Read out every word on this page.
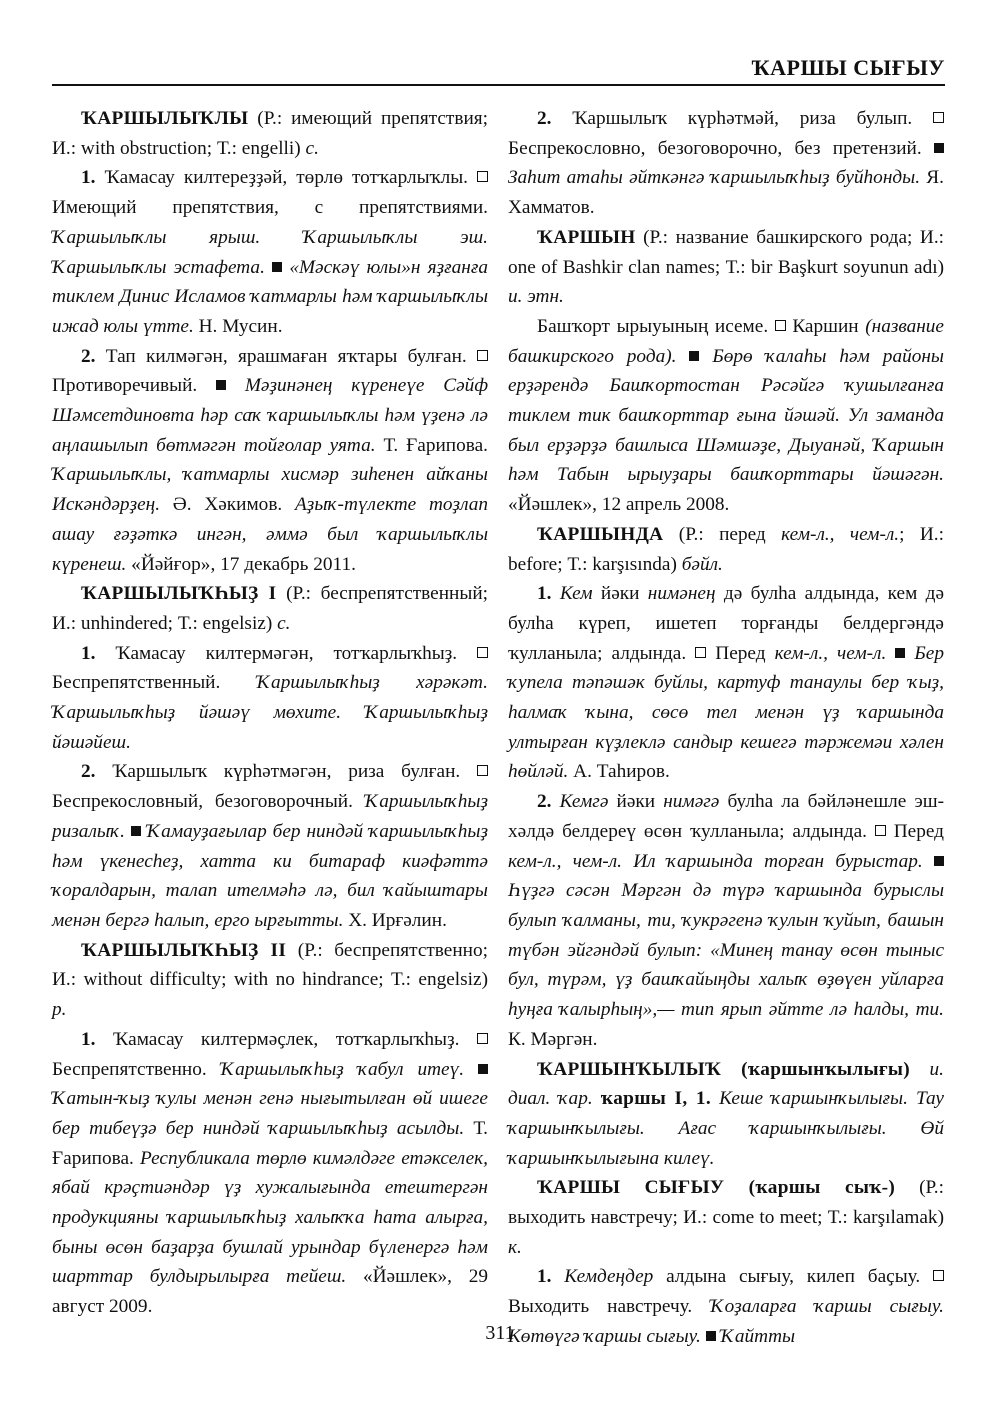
ҠАРШЫ СЫҒЫУ

ҠАРШЫЛЫҠЛЫ (Р.: имеющий препятствия; И.: with obstruction; Т.: engelli) с.

1. Ҡамасау килтереҙҙәй, төрлө тотҡарлыҡлы.  Имеющий препятствия, с препятствиями. Ҡаршылыҡлы ярыш. Ҡаршылыҡлы эш. Ҡаршылыҡлы эстафета.  «Мәскәү юлы»н яҙғанға тиклем Динис Исламов ҡатмарлы һәм ҡаршылыҡлы ижад юлы үтте. Н. Мусин.

2. Тап килмәгән, ярашмаған яҡтары булған.  Противоречивый.  Мәҙинәнең күренеүе Сәйф Шәмсетдиновта һәр саҡ ҡаршылыҡлы һәм үҙенә лә аңлашылып бөтмәгән тойғолар уята. Т. Ғарипова. Ҡаршылыҡлы, ҡатмарлы хисмәр зиһенен айҡаны Искәндәрҙең. Ә. Хәкимов. Аҙыҡ-түлекте тоҙлап ашау ғәҙәткә ингән, әммә был ҡаршылыҡлы күренеш. «Йәйғор», 17 декабрь 2011.

ҠАРШЫЛЫҠҺЫҘ I (Р.: беспрепятственный; И.: unhindered; Т.: engelsiz) с.

1. Ҡамасау килтермәгән, тотҡарлыҡһыҙ.  Беспрепятственный. Ҡаршылыҡһыҙ хәрәкәт. Ҡаршылыҡһыҙ йәшәү мөхите. Ҡаршылыҡһыҙ йәшәйеш.

2. Ҡаршылыҡ күрһәтмәгән, риза булған.  Беспрекословный, безоговорочный. Ҡаршылыҡһыҙ ризалыҡ.  Ҡамауҙағылар бер ниндәй ҡаршылыҡһыҙ һәм үкенесһеҙ, хатта ки битараф киәфәттә ҡоралдарын, талап ителмәһә лә, бил ҡайыштары менән бергә һалып, ерго ырғытты. Х. Ирғәлин.

ҠАРШЫЛЫҠҺЫҘ II (Р.: беспрепятственно; И.: without difficulty; with no hindrance; Т.: engelsiz) р.

1. Ҡамасау килтермәҫлек, тотҡарлыҡһыҙ.  Беспрепятственно. Ҡаршылыҡһыҙ ҡабул итеү.  Ҡатын-ҡыҙ ҡулы менән генә нығытылған өй ишеге бер тибеүҙә бер ниндәй ҡаршылыҡһыҙ асылды. Т. Ғарипова. Республикала төрлө кимәлдәге етәкселек, ябай крәҫтиәндәр үҙ хужалығында етештергән продукцияны ҡаршылыҡһыҙ халыҡҡа һата алырға, быны өсөн баҙарҙа бушлай урындар бүленергә һәм шарттар булдырылырға тейеш. «Йәшлек», 29 август 2009.

2. Ҡаршылыҡ күрһәтмәй, риза булып.  Беспрекословно, безоговорочно, без претензий.  Заһит атаһы әйткәнгә ҡаршылыҡһыҙ буйһонды. Я. Хамматов.

ҠАРШЫН (Р.: название башкирского рода; И.: one of Bashkir clan names; Т.: bir Başkurt soyunun adı) и. этн.

Башҡорт ырыуының исеме.  Каршин (название башкирского рода).  Бөрө ҡалаһы һәм районы ерҙәрендә Башҡортостан Рәсәйгә ҡушылғанға тиклем тик башҡорттар ғына йәшәй. Ул заманда был ерҙәрҙә башлыса Шәмшәҙе, Дыуанәй, Ҡаршын һәм Табын ырыуҙары башҡорттары йәшәгән. «Йәшлек», 12 апрель 2008.

ҠАРШЫНДА (Р.: перед кем-л., чем-л.; И.: before; Т.: karşısında) бәйл.

1. Кем йәки нимәнең дә булһа алдында, кем дә булһа күреп, ишетеп торғанды белдергәндә ҡулланыла; алдында.  Перед кем-л., чем-л.  Бер ҡупела тәпәшәк буйлы, картуф танаулы бер ҡыҙ, һалмаҡ ҡына, сөсө тел менән үҙ ҡаршында ултырған күҙлеклә сандыр кешегә тәржемәи хәлен һөйләй. А. Таһиров.

2. Кемгә йәки нимәгә булһа ла бәйләнешле эш-хәлдә белдереү өсөн ҡулланыла; алдында.  Перед кем-л., чем-л. Ил ҡаршында торған бурыстар.  Һүҙгә сәсән Мәргән дә түрә ҡаршында бурыслы булып ҡалманы, ти, ҡукрәгенә ҡулын ҡуйып, башын түбән эйгәндәй булып: «Минең танау өсөн тыныс бул, түрәм, үҙ башҡайыңды халыҡ өҙөүен уйларға һуңға ҡалырһың»,— тип ярып әйтте лә һалды, ти. К. Мәргән.

ҠАРШЫНҠЫЛЫҠ (ҡаршынҡылығы) и. диал. ҡар. ҡаршы I, 1. Кеше ҡаршынҡылығы. Тау ҡаршынҡылығы. Ағас ҡаршынҡылығы. Өй ҡаршынҡылығына килеү.

ҠАРШЫ СЫҒЫУ (ҡаршы сыҡ-) (Р.: выходить навстречу; И.: come to meet; Т.: karşılamak) к.

1. Кемдеңдер алдына сығыу, килеп баҫыу.  Выходить навстречу. Ҡоҙаларға ҡаршы сығыу. Көтөүгә ҡаршы сығыу.  Ҡайтты

311
